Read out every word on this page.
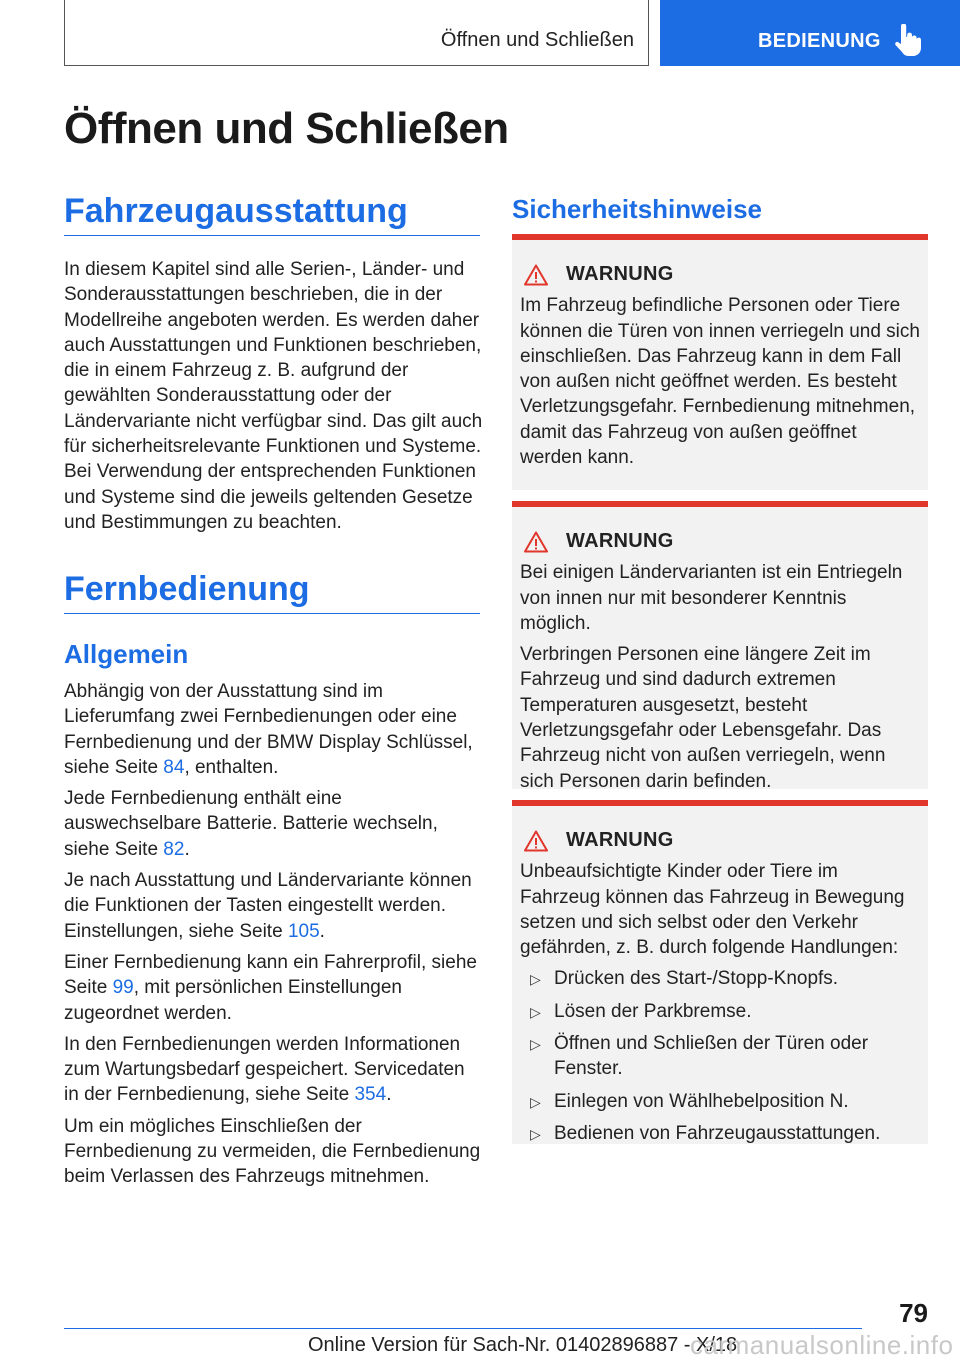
Öffnen und Schließen	BEDIENUNG
Öffnen und Schließen
Fahrzeugausstattung

In diesem Kapitel sind alle Serien-, Länder- und Sonderausstattungen beschrieben, die in der Modellreihe angeboten werden. Es werden daher auch Ausstattungen und Funktionen beschrieben, die in einem Fahrzeug z. B. aufgrund der gewählten Sonderausstattung oder der Ländervariante nicht verfügbar sind. Das gilt auch für sicherheitsrelevante Funktionen und Systeme. Bei Verwendung der entsprechenden Funktionen und Systeme sind die jeweils geltenden Gesetze und Bestimmungen zu beachten.

Fernbedienung
Allgemein

Abhängig von der Ausstattung sind im Lieferumfang zwei Fernbedienungen oder eine Fernbedienung und der BMW Display Schlüssel, siehe Seite 84, enthalten.

Jede Fernbedienung enthält eine auswechselbare Batterie. Batterie wechseln, siehe Seite 82.

Je nach Ausstattung und Ländervariante können die Funktionen der Tasten eingestellt werden. Einstellungen, siehe Seite 105.

Einer Fernbedienung kann ein Fahrerprofil, siehe Seite 99, mit persönlichen Einstellungen zugeordnet werden.

In den Fernbedienungen werden Informationen zum Wartungsbedarf gespeichert. Servicedaten in der Fernbedienung, siehe Seite 354.

Um ein mögliches Einschließen der Fernbedienung zu vermeiden, die Fernbedienung beim Verlassen des Fahrzeugs mitnehmen.

Sicherheitshinweise
WARNUNG

Im Fahrzeug befindliche Personen oder Tiere können die Türen von innen verriegeln und sich einschließen. Das Fahrzeug kann in dem Fall von außen nicht geöffnet werden. Es besteht Verletzungsgefahr. Fernbedienung mitnehmen, damit das Fahrzeug von außen geöffnet werden kann.

WARNUNG

Bei einigen Ländervarianten ist ein Entriegeln von innen nur mit besonderer Kenntnis möglich.

Verbringen Personen eine längere Zeit im Fahrzeug und sind dadurch extremen Temperaturen ausgesetzt, besteht Verletzungsgefahr oder Lebensgefahr. Das Fahrzeug nicht von außen verriegeln, wenn sich Personen darin befinden.

WARNUNG

Unbeaufsichtigte Kinder oder Tiere im Fahrzeug können das Fahrzeug in Bewegung setzen und sich selbst oder den Verkehr gefährden, z. B. durch folgende Handlungen:

▷ Drücken des Start-/Stopp-Knopfs.
▷ Lösen der Parkbremse.
▷ Öffnen und Schließen der Türen oder Fenster.
▷ Einlegen von Wählhebelposition N.
▷ Bedienen von Fahrzeugausstattungen.
79
Online Version für Sach-Nr. 01402896887 - X/18
carmanualsonline.info
